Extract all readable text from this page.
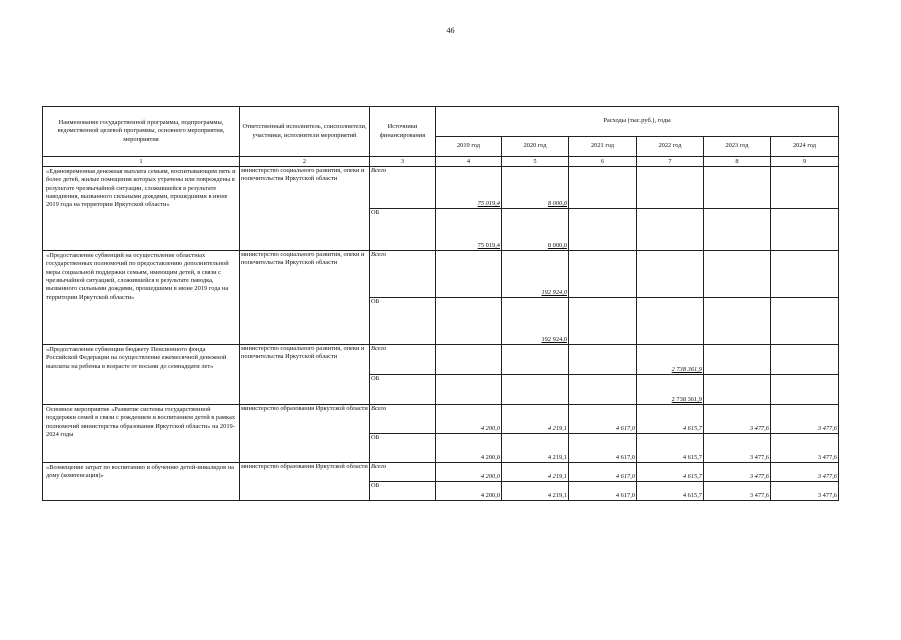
46
Наименование государственной программы, подпрограммы, ведомственной целевой программы, основного мероприятия, мероприятия	Ответственный исполнитель, соисполнители, участники, исполнители мероприятий	Источники финансирования	Расходы (тыс.руб.), годы					
			2019 год	2020 год	2021 год	2022 год	2023 год	2024 год
1	2	3	4	5	6	7	8	9
«Единовременная денежная выплата семьям, воспитывающим пять и более детей, жилые помещения которых утрачены или повреждены в результате чрезвычайной ситуации, сложившейся в результате наводнения, вызванного сильными дождями, прошедшими в июне 2019 года на территории Иркутской области»	министерство социального развития, опеки и попечительства Иркутской области	Всего	75 019,4	8 000,0				
		ОБ	75 019,4	8 000,0				
«Предоставление субвенций на осуществление областных государственных полномочий по предоставлению дополнительной меры социальной поддержки семьям, имеющим детей, в связи с чрезвычайной ситуацией, сложившейся в результате паводка, вызванного сильными дождями, прошедшими в июне 2019 года на территории Иркутской области»	министерство социального развития, опеки и попечительства Иркутской области	Всего		192 924,0				
		ОБ		192 924,0				
«Предоставление субвенции бюджету Пенсионного фонда Российской Федерации на осуществление ежемесячной денежной выплаты на ребенка в возрасте от восьми до семнадцати лет»	министерство социального развития, опеки и попечительства Иркутской области	Всего				2 738 361,9		
		ОБ				2 738 361,9		
Основное мероприятие «Развитие системы государственной поддержки семей в связи с рождением и воспитанием детей в рамках полномочий министерства образования Иркутской области» на 2019-2024 годы	министерство образования Иркутской области	Всего	4 200,0	4 219,1	4 617,0	4 615,7	3 477,6	3 477,6
		ОБ	4 200,0	4 219,1	4 617,0	4 615,7	3 477,6	3 477,6
«Возмещение затрат по воспитанию и обучению детей-инвалидов на дому (компенсация)»	министерство образования Иркутской области	Всего	4 200,0	4 219,1	4 617,0	4 615,7	3 477,6	3 477,6
		ОБ	4 200,0	4 219,1	4 617,0	4 615,7	3 477,6	3 477,6
